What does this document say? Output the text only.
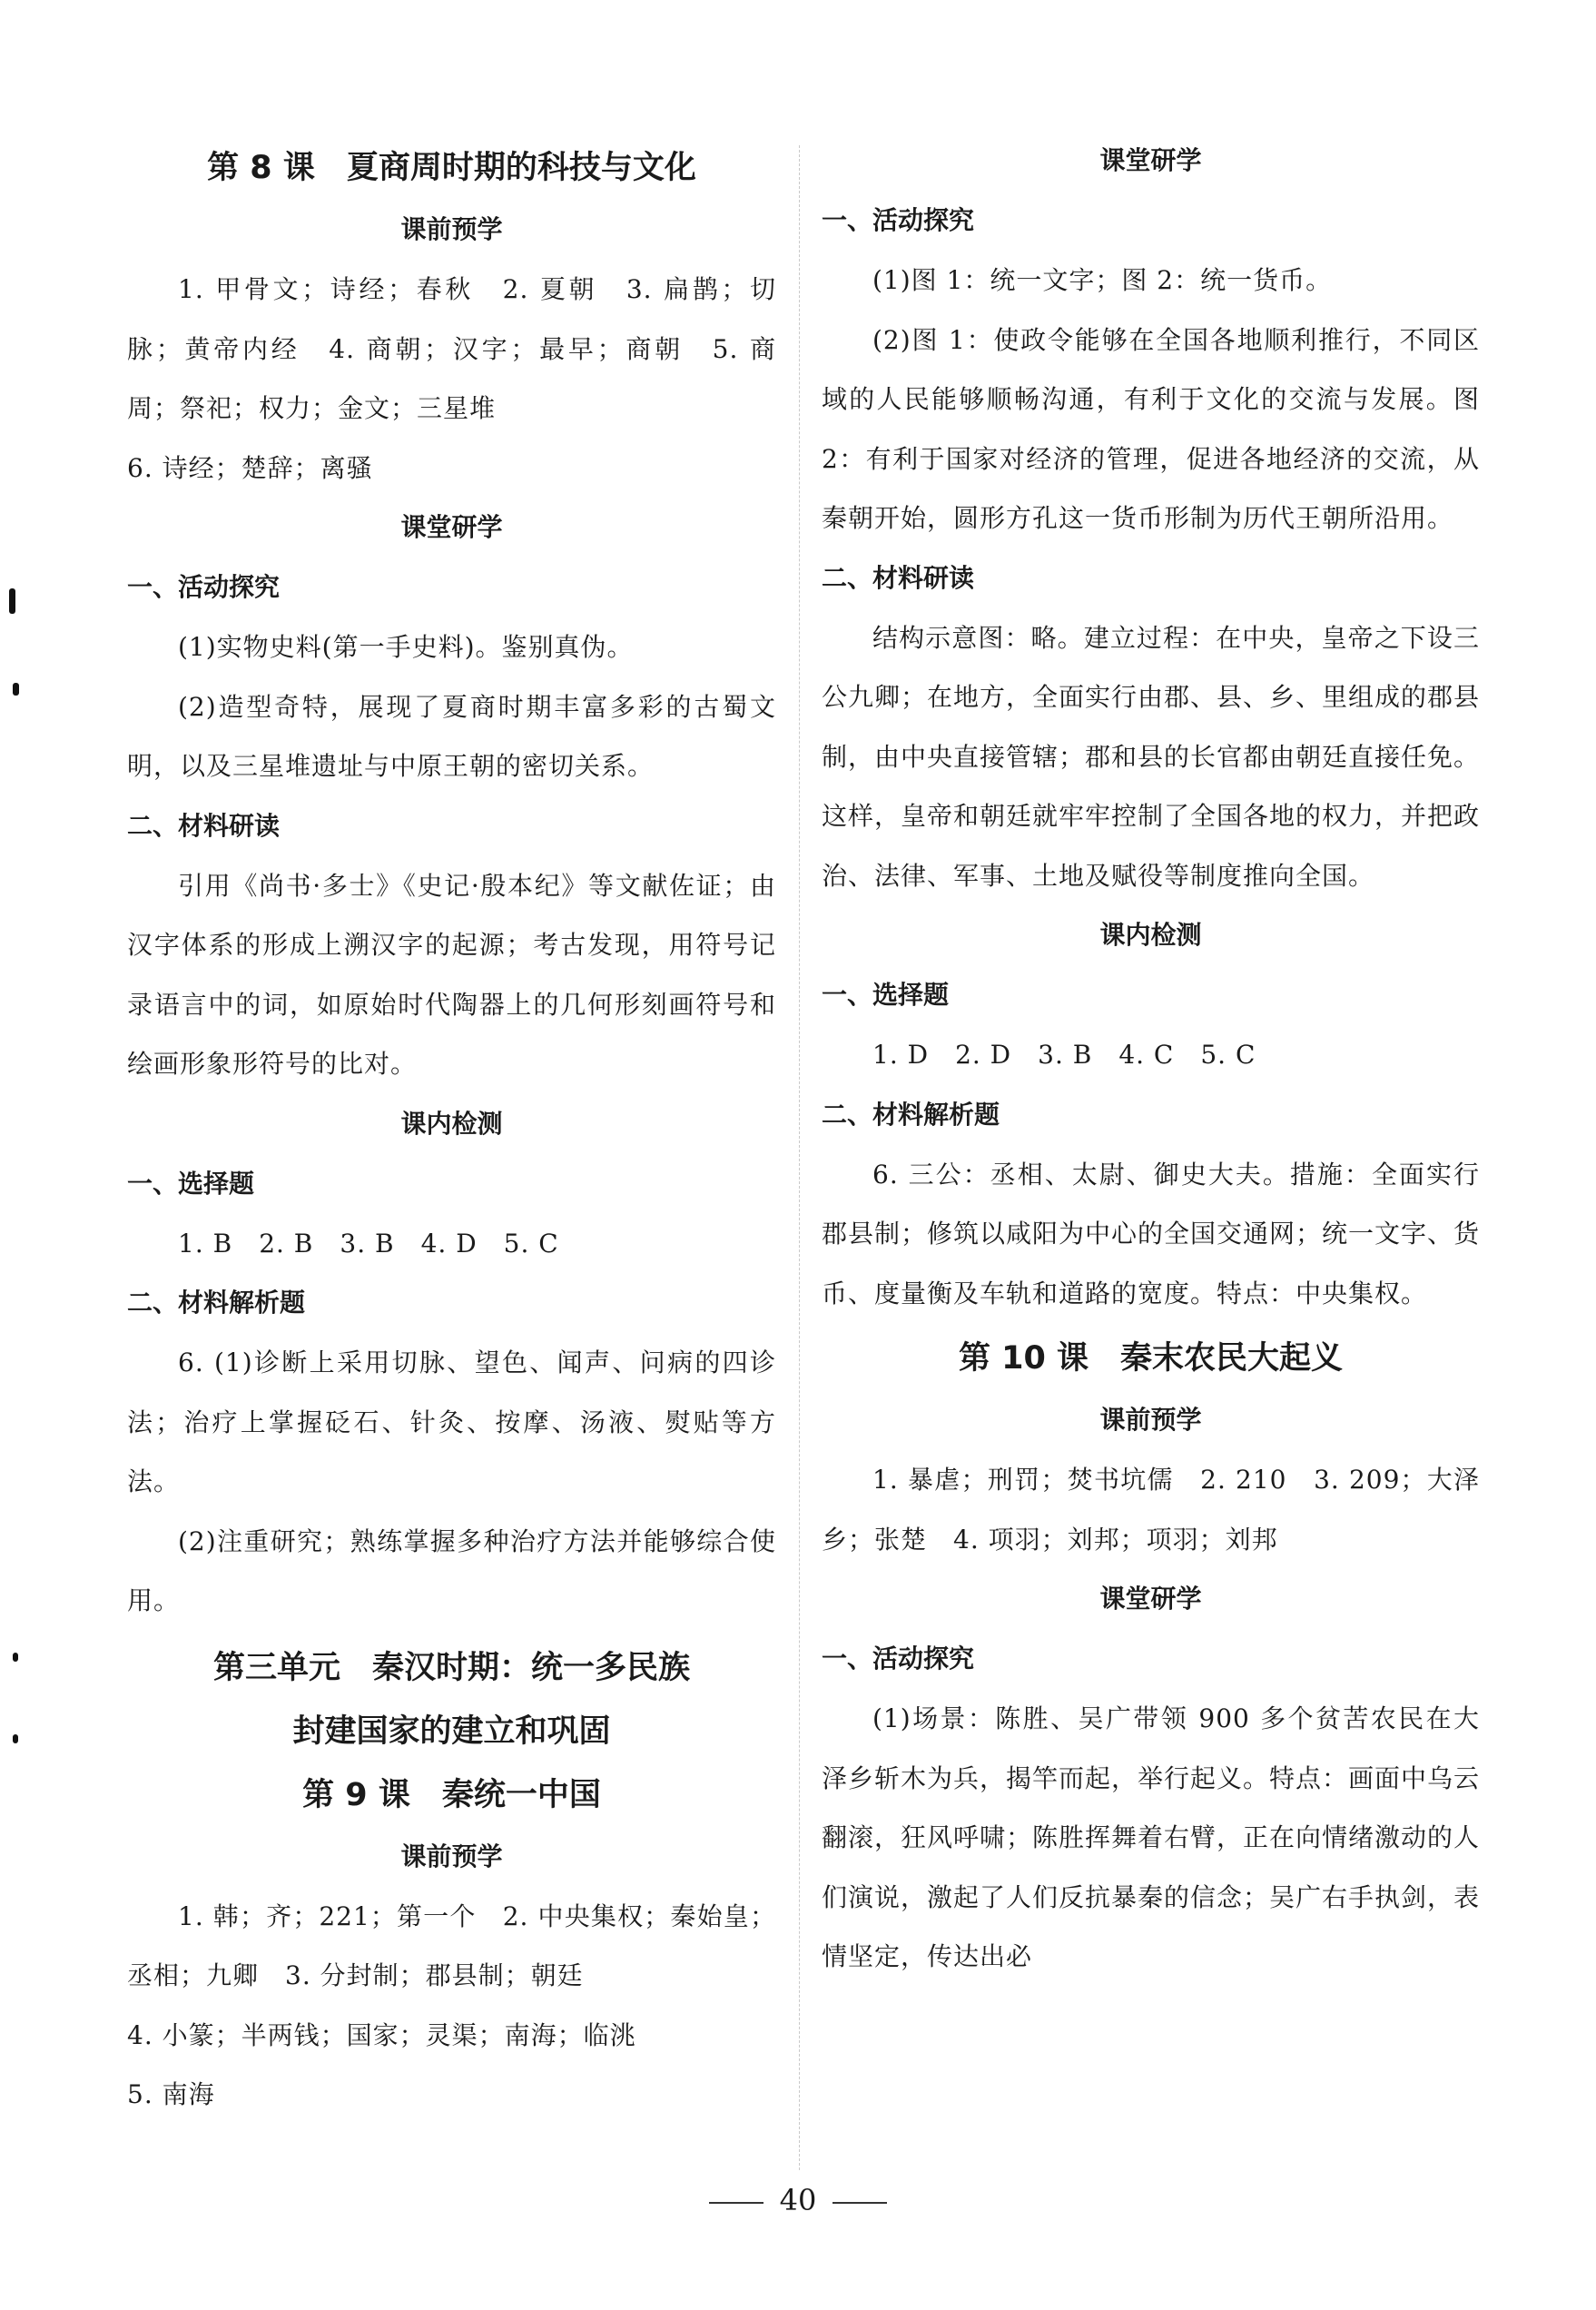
第 8 课　夏商周时期的科技与文化
课前预学

1. 甲骨文；诗经；春秋　2. 夏朝　3. 扁鹊；切脉；黄帝内经　4. 商朝；汉字；最早；商朝　5. 商周；祭祀；权力；金文；三星堆

6. 诗经；楚辞；离骚

课堂研学
一、活动探究

(1)实物史料(第一手史料)。鉴别真伪。

(2)造型奇特，展现了夏商时期丰富多彩的古蜀文明，以及三星堆遗址与中原王朝的密切关系。

二、材料研读

引用《尚书·多士》《史记·殷本纪》等文献佐证；由汉字体系的形成上溯汉字的起源；考古发现，用符号记录语言中的词，如原始时代陶器上的几何形刻画符号和绘画形象形符号的比对。

课内检测
一、选择题

1. B　2. B　3. B　4. D　5. C

二、材料解析题

6. (1)诊断上采用切脉、望色、闻声、问病的四诊法；治疗上掌握砭石、针灸、按摩、汤液、熨贴等方法。

(2)注重研究；熟练掌握多种治疗方法并能够综合使用。

第三单元　秦汉时期：统一多民族
封建国家的建立和巩固
第 9 课　秦统一中国
课前预学

1. 韩；齐；221；第一个　2. 中央集权；秦始皇；丞相；九卿　3. 分封制；郡县制；朝廷

4. 小篆；半两钱；国家；灵渠；南海；临洮

5. 南海

课堂研学
一、活动探究

(1)图 1：统一文字；图 2：统一货币。

(2)图 1：使政令能够在全国各地顺利推行，不同区域的人民能够顺畅沟通，有利于文化的交流与发展。图 2：有利于国家对经济的管理，促进各地经济的交流，从秦朝开始，圆形方孔这一货币形制为历代王朝所沿用。

二、材料研读

结构示意图：略。建立过程：在中央，皇帝之下设三公九卿；在地方，全面实行由郡、县、乡、里组成的郡县制，由中央直接管辖；郡和县的长官都由朝廷直接任免。这样，皇帝和朝廷就牢牢控制了全国各地的权力，并把政治、法律、军事、土地及赋役等制度推向全国。

课内检测
一、选择题

1. D　2. D　3. B　4. C　5. C

二、材料解析题

6. 三公：丞相、太尉、御史大夫。措施：全面实行郡县制；修筑以咸阳为中心的全国交通网；统一文字、货币、度量衡及车轨和道路的宽度。特点：中央集权。

第 10 课　秦末农民大起义
课前预学

1. 暴虐；刑罚；焚书坑儒　2. 210　3. 209；大泽乡；张楚　4. 项羽；刘邦；项羽；刘邦

课堂研学
一、活动探究

(1)场景：陈胜、吴广带领 900 多个贫苦农民在大泽乡斩木为兵，揭竿而起，举行起义。特点：画面中乌云翻滚，狂风呼啸；陈胜挥舞着右臂，正在向情绪激动的人们演说，激起了人们反抗暴秦的信念；吴广右手执剑，表情坚定，传达出必

40
